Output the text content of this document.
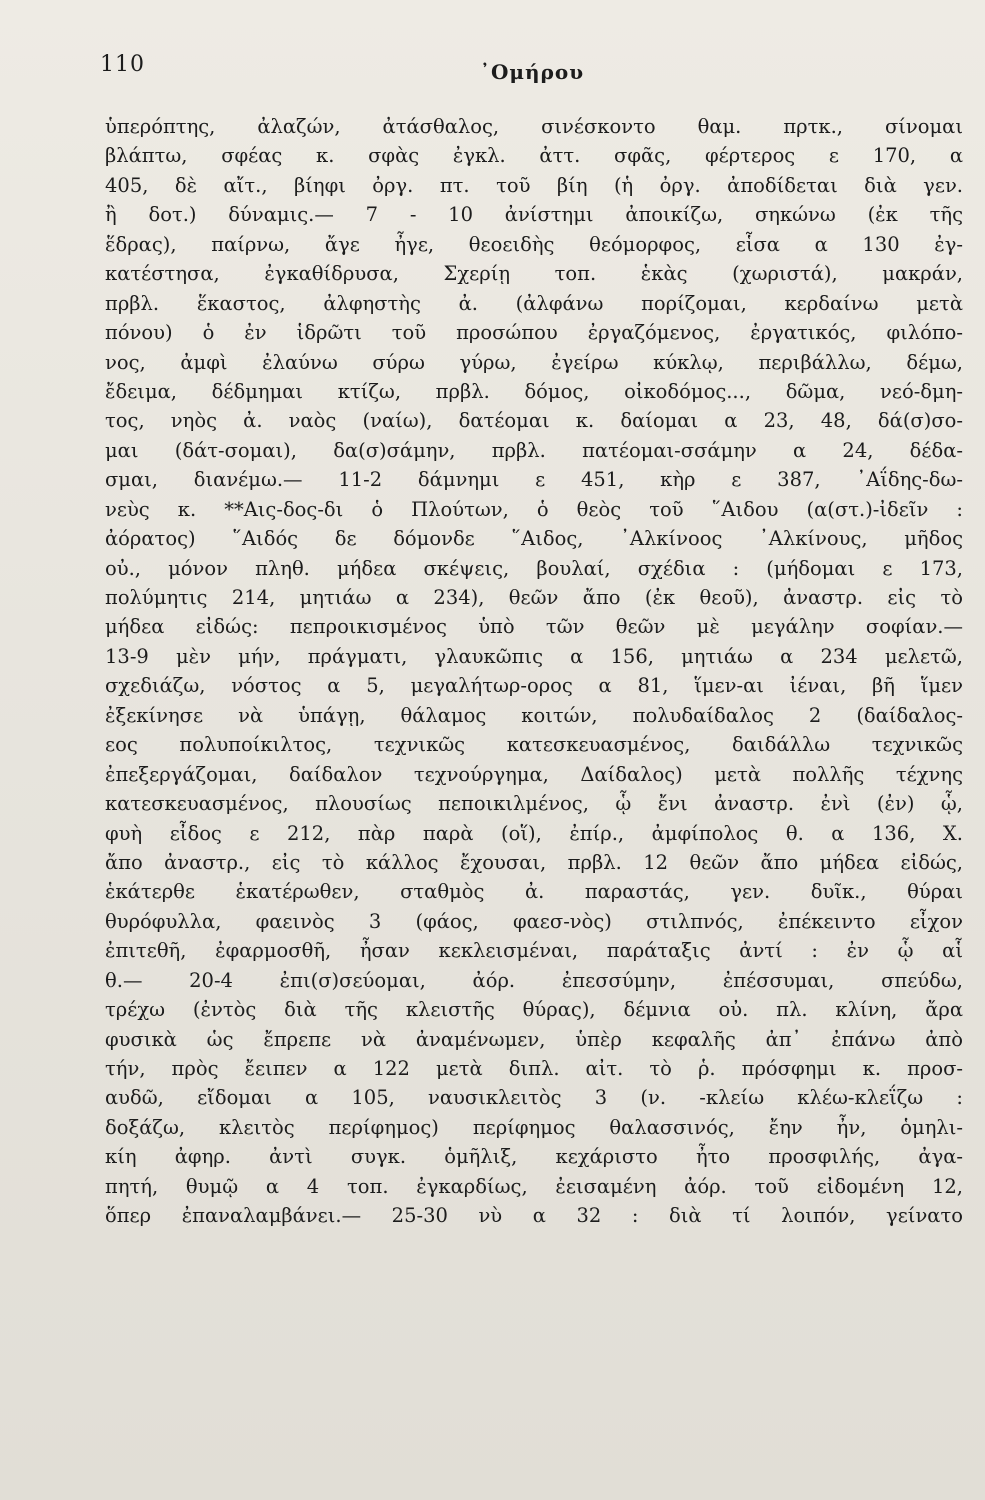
110	᾿Ομήρου
ὑπερόπτης, ἀλαζών, ἀτάσθαλος, σινέσκοντο θαμ. πρτκ., σίνομαι
βλάπτω, σφέας κ. σφὰς ἐγκλ. ἀττ. σφᾶς, φέρτερος ε 170, α
405, δὲ αἴτ., βίηφι ὀργ. πτ. τοῦ βίη (ἡ ὀργ. ἀποδίδεται διὰ γεν.
ἢ δοτ.) δύναμις.— 7 - 10 ἀνίστημι ἀποικίζω, σηκώνω (ἐκ τῆς
ἕδρας), παίρνω, ἄγε ἦγε, θεοειδὴς θεόμορφος, εἷσα α 130 ἐγ-
κατέστησα, ἐγκαθίδρυσα, Σχερίῃ τοπ. ἑκὰς (χωριστά), μακράν,
πρβλ. ἕκαστος, ἀλφηστὴς ἀ. (ἀλφάνω πορίζομαι, κερδαίνω μετὰ
πόνου) ὁ ἐν ἱδρῶτι τοῦ προσώπου ἐργαζόμενος, ἐργατικός, φιλόπο-
νος, ἀμφὶ ἐλαύνω σύρω γύρω, ἐγείρω κύκλῳ, περιβάλλω, δέμω,
ἔδειμα, δέδμημαι κτίζω, πρβλ. δόμος, οἰκοδόμος..., δῶμα, νεό-δμη-
τος, νηὸς ἀ. ναὸς (ναίω), δατέομαι κ. δαίομαι α 23, 48, δά(σ)σο-
μαι (δάτ-σομαι), δα(σ)σάμην, πρβλ. πατέομαι-σσάμην α 24, δέδα-
σμαι, διανέμω.— 11-2 δάμνημι ε 451, κὴρ ε 387, ᾿Αΐδης-δω-
νεὺς κ. **Αις-δος-δι ὁ Πλούτων, ὁ θεὸς τοῦ ῞Αιδου (α(στ.)-ἰδεῖν :
ἀόρατος) ῞Αιδός δε δόμονδε ῞Αιδος, ᾿Αλκίνοος ᾿Αλκίνους, μῆδος
οὐ., μόνον πληθ. μήδεα σκέψεις, βουλαί, σχέδια : (μήδομαι ε 173,
πολύμητις 214, μητιάω α 234), θεῶν ἄπο (ἐκ θεοῦ), ἀναστρ. εἰς τὸ
μήδεα εἰδώς: πεπροικισμένος ὑπὸ τῶν θεῶν μὲ μεγάλην σοφίαν.—
13-9 μὲν μήν, πράγματι, γλαυκῶπις α 156, μητιάω α 234 μελετῶ,
σχεδιάζω, νόστος α 5, μεγαλήτωρ-ορος α 81, ἵμεν-αι ἰέναι, βῆ ἵμεν
ἐξεκίνησε νὰ ὑπάγῃ, θάλαμος κοιτών, πολυδαίδαλος 2 (δαίδαλος-
εος πολυποίκιλτος, τεχνικῶς κατεσκευασμένος, δαιδάλλω τεχνικῶς
ἐπεξεργάζομαι, δαίδαλον τεχνούργημα, Δαίδαλος) μετὰ πολλῆς τέχνης
κατεσκευασμένος, πλουσίως πεποικιλμένος, ᾧ ἔνι ἀναστρ. ἐνὶ (ἐν) ᾧ,
φυὴ εἶδος ε 212, πὰρ παρὰ (οἵ), ἐπίρ., ἀμφίπολος θ. α 136, Χ.
ἄπο ἀναστρ., εἰς τὸ κάλλος ἔχουσαι, πρβλ. 12 θεῶν ἄπο μήδεα εἰδώς,
ἑκάτερθε ἑκατέρωθεν, σταθμὸς ἀ. παραστάς, γεν. δυῖκ., θύραι
θυρόφυλλα, φαεινὸς 3 (φάος, φαεσ-νὸς) στιλπνός, ἐπέκειντο εἶχον
ἐπιτεθῆ, ἐφαρμοσθῆ, ἦσαν κεκλεισμέναι, παράταξις ἀντί : ἐν ᾧ αἷ
θ.— 20-4 ἐπι(σ)σεύομαι, ἀόρ. ἐπεσσύμην, ἐπέσσυμαι, σπεύδω,
τρέχω (ἐντὸς διὰ τῆς κλειστῆς θύρας), δέμνια οὐ. πλ. κλίνη, ἄρα
φυσικὰ ὡς ἔπρεπε νὰ ἀναμένωμεν, ὑπὲρ κεφαλῆς ἀπ᾿ ἐπάνω ἀπὸ
τήν, πρὸς ἔειπεν α 122 μετὰ διπλ. αἰτ. τὸ ῥ. πρόσφημι κ. προσ-
αυδῶ, εἴδομαι α 105, ναυσικλειτὸς 3 (ν. -κλείω κλέω-κλεΐζω :
δοξάζω, κλειτὸς περίφημος) περίφημος θαλασσινός, ἔην ἦν, ὁμηλι-
κίη ἀφηρ. ἀντὶ συγκ. ὁμῆλιξ, κεχάριστο ἦτο προσφιλής, ἀγα-
πητή, θυμῷ α 4 τοπ. ἐγκαρδίως, ἐεισαμένη ἀόρ. τοῦ εἰδομένη 12,
ὅπερ ἐπαναλαμβάνει.— 25-30 νὺ α 32 : διὰ τί λοιπόν, γείνατο
